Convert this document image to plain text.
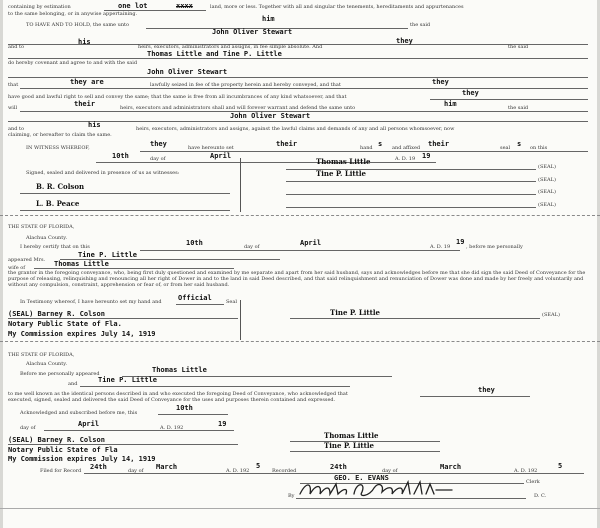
containing by estimation	one lot	xxxx	land, more or less. Together with all and singular the tenements, hereditaments and appurtenances
to the same belonging, or in anywise appertaining.
TO HAVE AND TO HOLD, the same unto
him
the said
John Oliver Stewart
and to
his
heirs, executors, administrators and assigns, in fee simple absolute. And
they
the said
Thomas Little and Tine P. Little
do hereby covenant and agree to and with the said
John Oliver Stewart
that	they are	lawfully seized in fee of the property herein and hereby conveyed, and that	they
have good and lawful right to sell and convey the same; that the same is free from all incumbrances of any kind whatsoever, and that	they
will	their	heirs, executors and administrators shall and will forever warrant and defend the same unto	him	the said
John Oliver Stewart
and to	his	heirs, executors, administrators and assigns, against the lawful claims and demands of any and all persons whomsoever, now
claiming, or hereafter to claim the same.
IN WITNESS WHEREOF,	they	have hereunto set	their	hand s and affixed their	seal s on this
10th	day of	April	A. D. 19 19
Signed, sealed and delivered in presence of us as witnesses:
B. R. Colson
L. B. Peace
Thomas Little
(SEAL)
Tine P. Little
(SEAL)
(SEAL)
(SEAL)
THE STATE OF FLORIDA,
Alachua County.
I hereby certify that on this	10th	day of	April	A. D. 19
19
, before me personally
appeared Mrs.
Tine P. Little
wife of	Thomas Little
the grantor in the foregoing conveyance, who, being first duly questioned and examined by me separate and apart from her said husband, says and acknowledges before me that she did sign the said Deed of Conveyance for the purpose of releasing, relinquishing and renouncing all her right of Dower in and to the land in said Deed described, and that said relinquishment and renunciation of Dower was done and made by her freely and voluntarily and without any compulsion, constraint, apprehension or fear of, or from her said husband.
In Testimony whereof, I have hereunto set my hand and Official	Seal
(SEAL) Barney R. Colson
Notary Public State of Fla.
My Commission expires July 14, 1919
Tine P. Little	(SEAL)
THE STATE OF FLORIDA,
Alachua County.
Before me personally appeared	Thomas Little
and	Tine P. Little
to me well known as the identical persons described in and who executed the foregoing Deed of Conveyance, who acknowledged that	they
executed, signed, sealed and delivered the said Deed of Conveyance for the uses and purposes therein contained and expressed.
Acknowledged and subscribed before me, this
10th
day of	April	A. D. 192	19
(SEAL) Barney R. Colson
Notary Public State of Fla
My Commission expires July 14, 1919
Thomas Little
Tine P. Little
Filed for Record 24th	day of March	A. D. 192
5
Recorded	24th	day of	March	A. D. 192
5
GEO. E. EVANS	Clerk
By	D. C.
